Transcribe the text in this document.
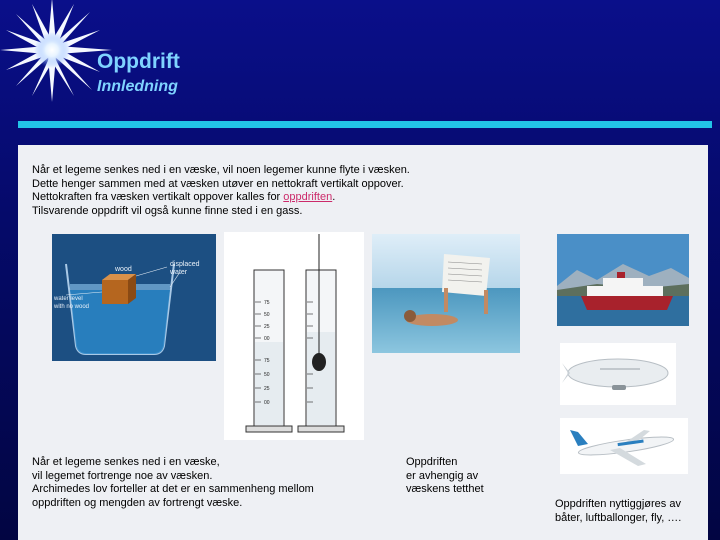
Oppdrift
Innledning
Når et legeme senkes ned i en væske, vil noen legemer kunne flyte i væsken.
Dette henger sammen med at væsken utøver en nettokraft vertikalt oppover.
Nettokraften fra væsken vertikalt oppover kalles for oppdriften.
Tilsvarende oppdrift vil også kunne finne sted i en gass.
wood
displaced
water
water level
with no wood
75
50
25
00
75
50
25
00
Når et legeme senkes ned i en væske,
vil legemet fortrenge noe av væsken.
Archimedes lov forteller at det er en sammenheng mellom
oppdriften og mengden av fortrengt væske.
Oppdriften
er avhengig av
væskens tetthet
Oppdriften nyttiggjøres av
båter, luftballonger, fly, ….
